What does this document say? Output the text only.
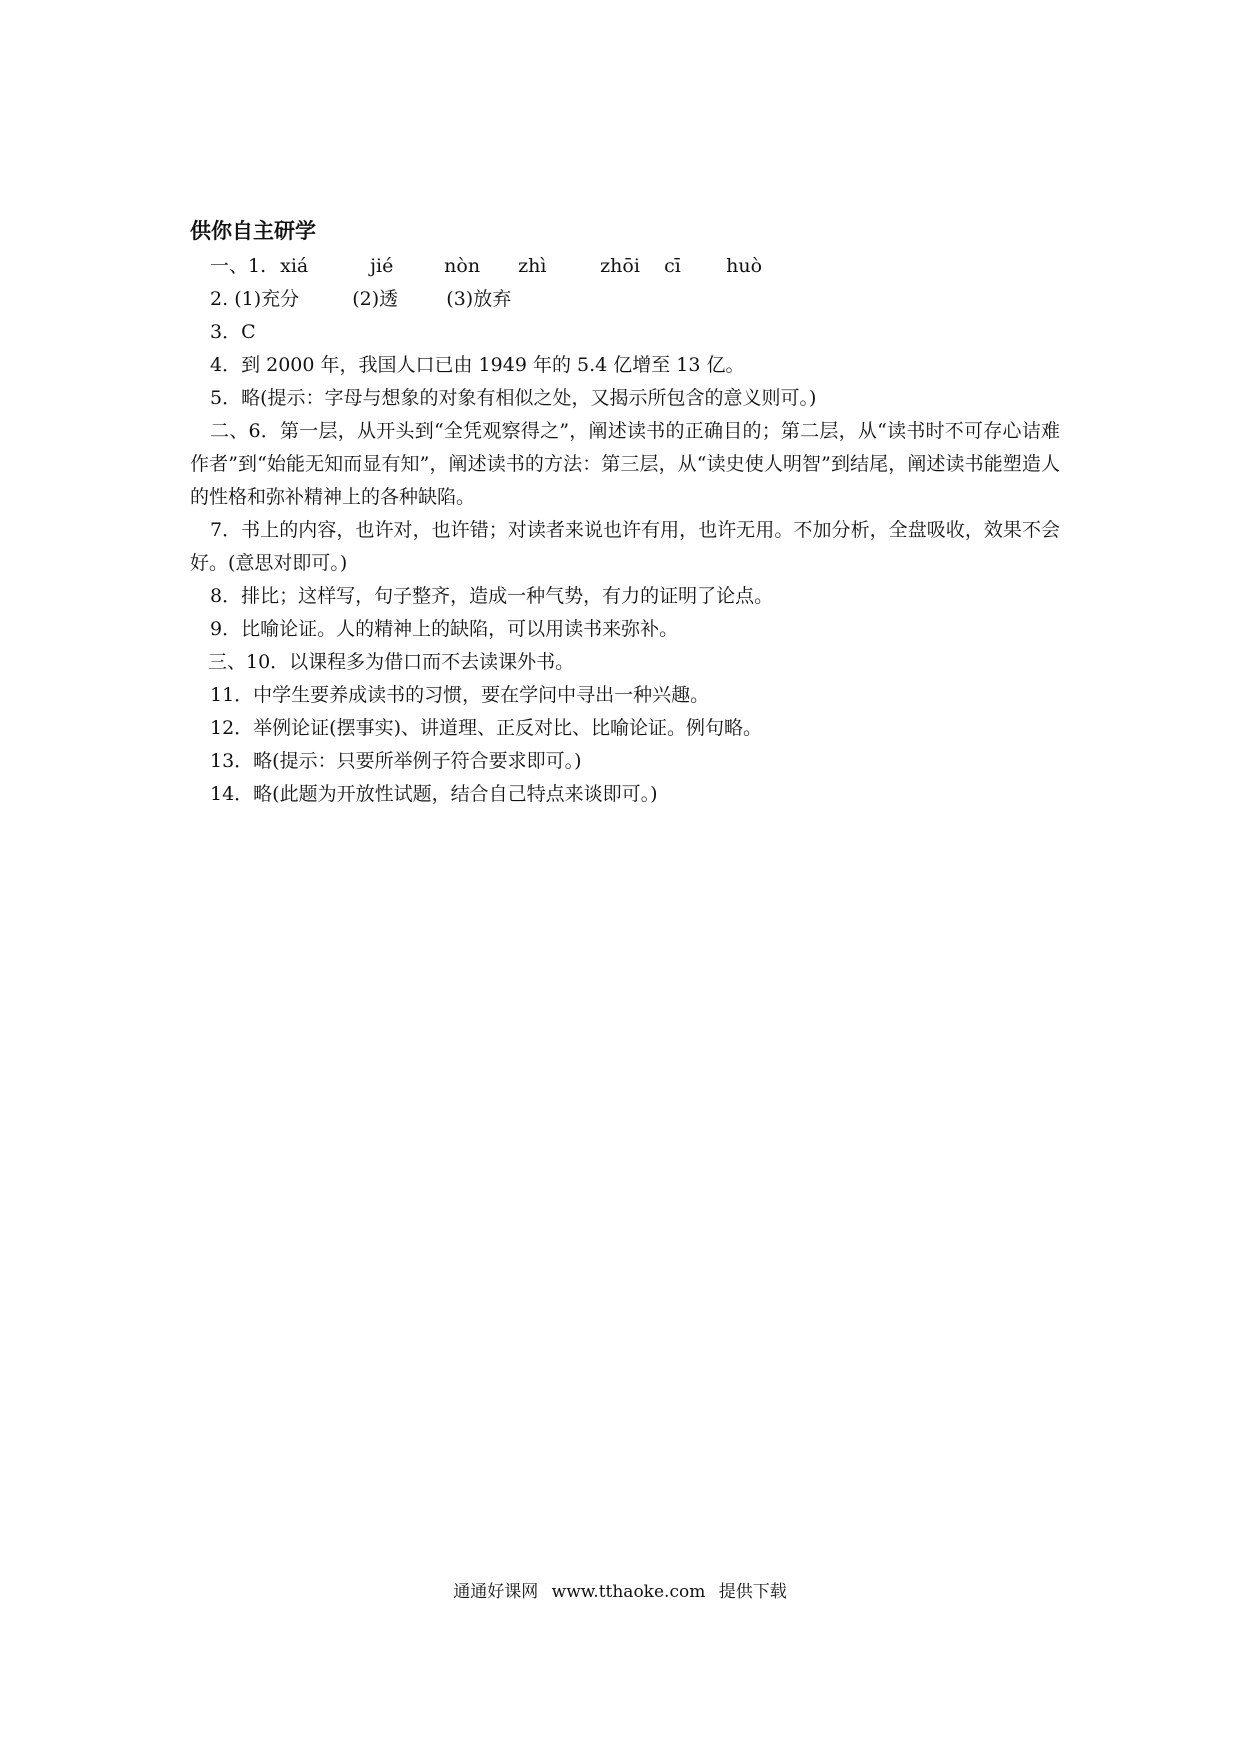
供你自主研学

一、1. xiá	jié	nòn	zhì	zhōi	cī	huò

2. (1)充分	(2)透	(3)放弃

3．C

4．到 2000 年，我国人口已由 1949 年的 5.4 亿增至 13 亿。

5．略(提示：字母与想象的对象有相似之处，又揭示所包含的意义则可。)

二、6．第一层，从开头到“全凭观察得之”，阐述读书的正确目的；第二层，从“读书时不可存心诘难作者”到“始能无知而显有知”，阐述读书的方法：第三层，从“读史使人明智”到结尾，阐述读书能塑造人的性格和弥补精神上的各种缺陷。

7．书上的内容，也许对，也许错；对读者来说也许有用，也许无用。不加分析，全盘吸收，效果不会好。(意思对即可。)

8．排比；这样写，句子整齐，造成一种气势，有力的证明了论点。

9．比喻论证。人的精神上的缺陷，可以用读书来弥补。

三、10．以课程多为借口而不去读课外书。

11．中学生要养成读书的习惯，要在学问中寻出一种兴趣。

12．举例论证(摆事实)、讲道理、正反对比、比喻论证。例句略。

13．略(提示：只要所举例子符合要求即可。)

14．略(此题为开放性试题，结合自己特点来谈即可。)

通通好课网 www.tthaoke.com 提供下载
